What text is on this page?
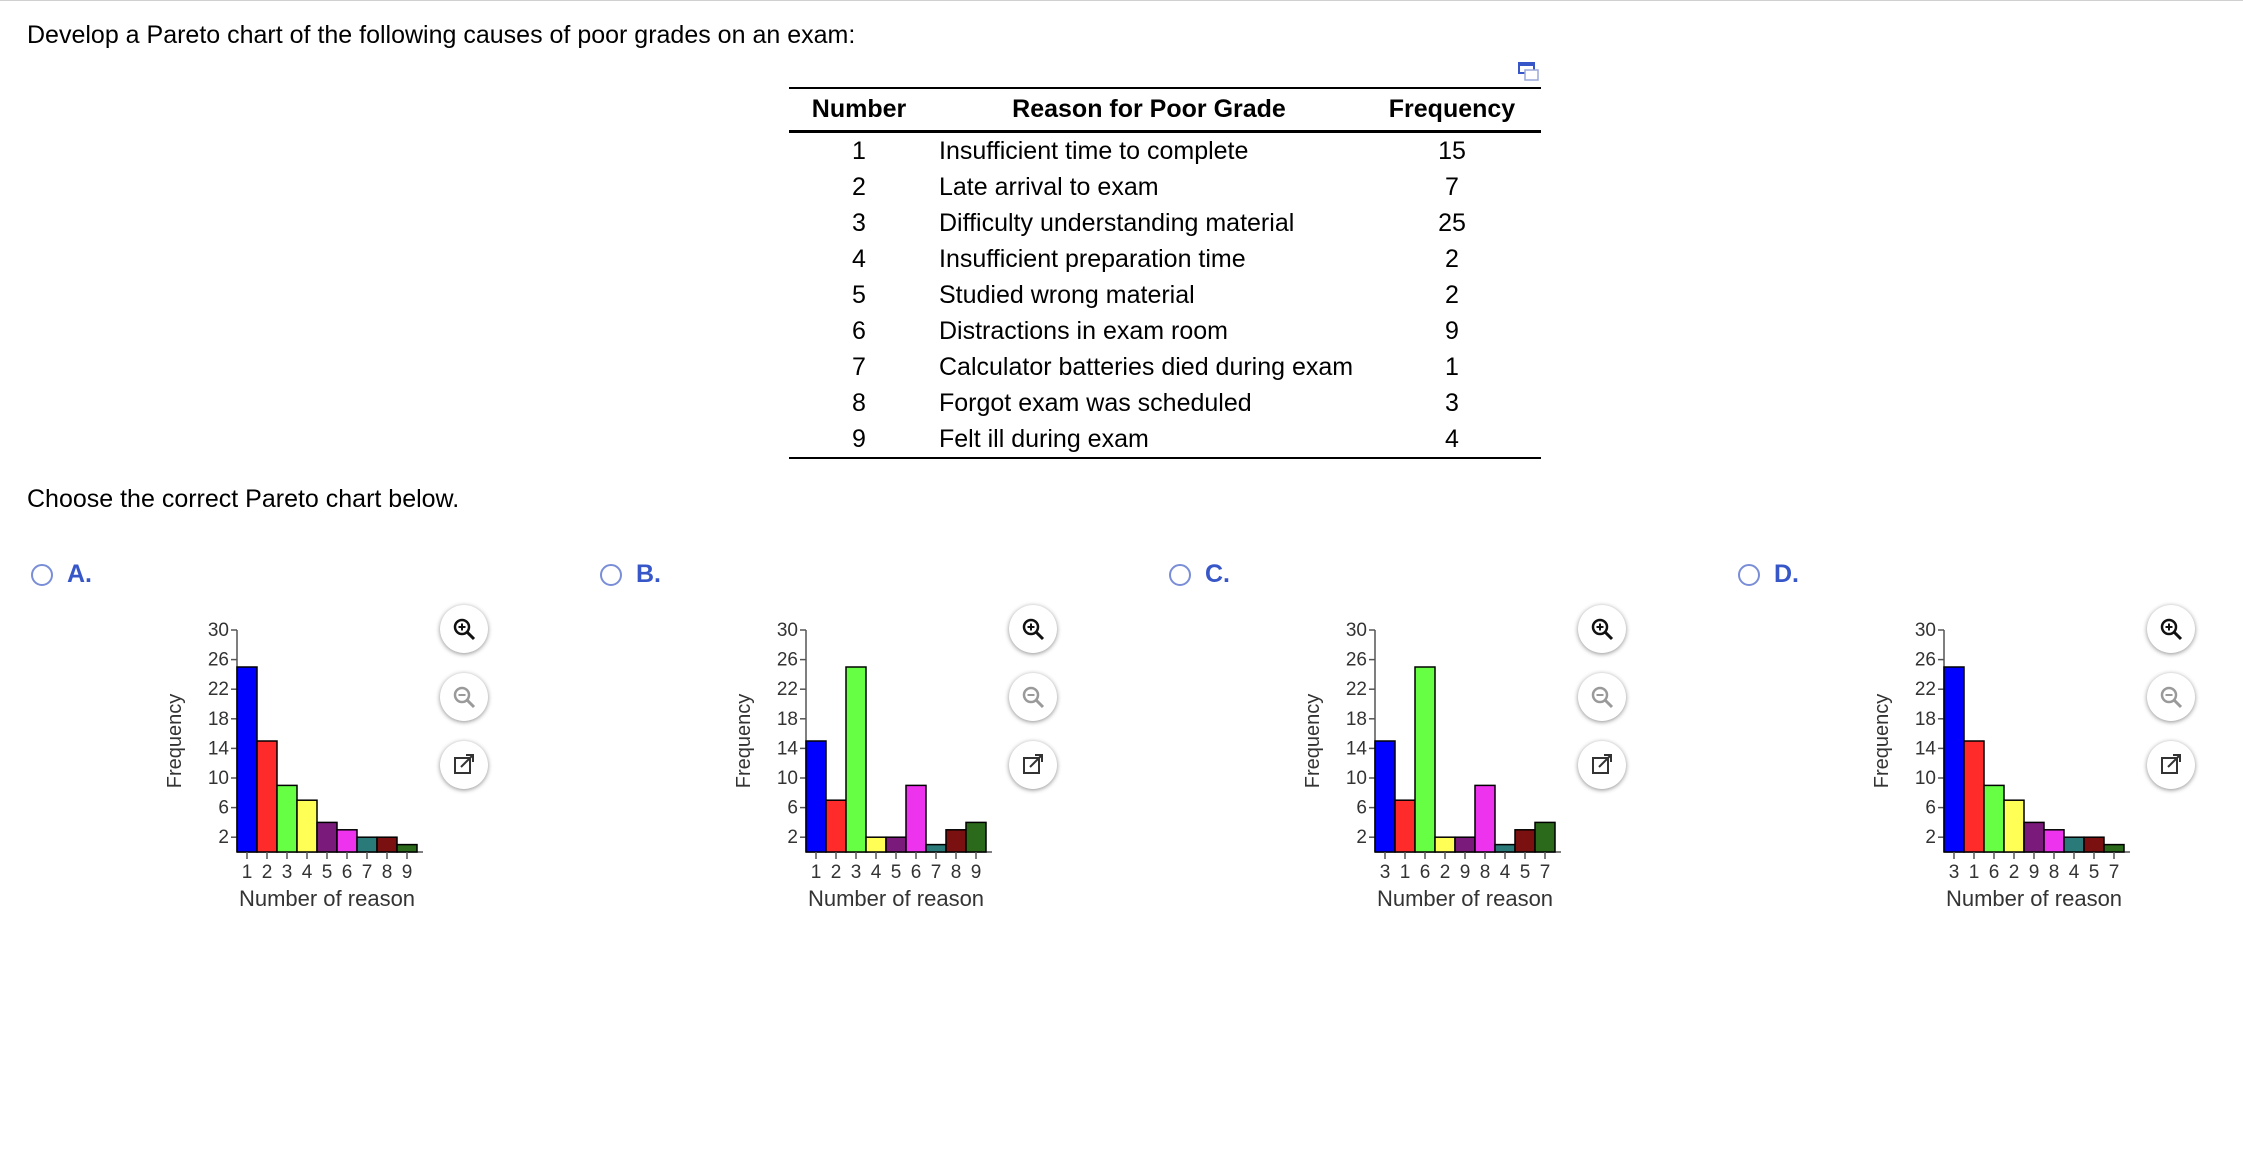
Develop a Pareto chart of the following causes of poor grades on an exam:
Number	Reason for Poor Grade	Frequency
1	Insufficient time to complete	15
2	Late arrival to exam	7
3	Difficulty understanding material	25
4	Insufficient preparation time	2
5	Studied wrong material	2
6	Distractions in exam room	9
7	Calculator batteries died during exam	1
8	Forgot exam was scheduled	3
9	Felt ill during exam	4
Choose the correct Pareto chart below.
A.
Frequency
2
6
10
14
18
22
26
30
1 2 3 4 5 6 7 8 9
Number of reason
B.
Frequency
2
6
10
14
18
22
26
30
1 2 3 4 5 6 7 8 9
Number of reason
C.
Frequency
2
6
10
14
18
22
26
30
3 1 6 2 9 8 4 5 7
Number of reason
D.
Frequency
2
6
10
14
18
22
26
30
3 1 6 2 9 8 4 5 7
Number of reason
